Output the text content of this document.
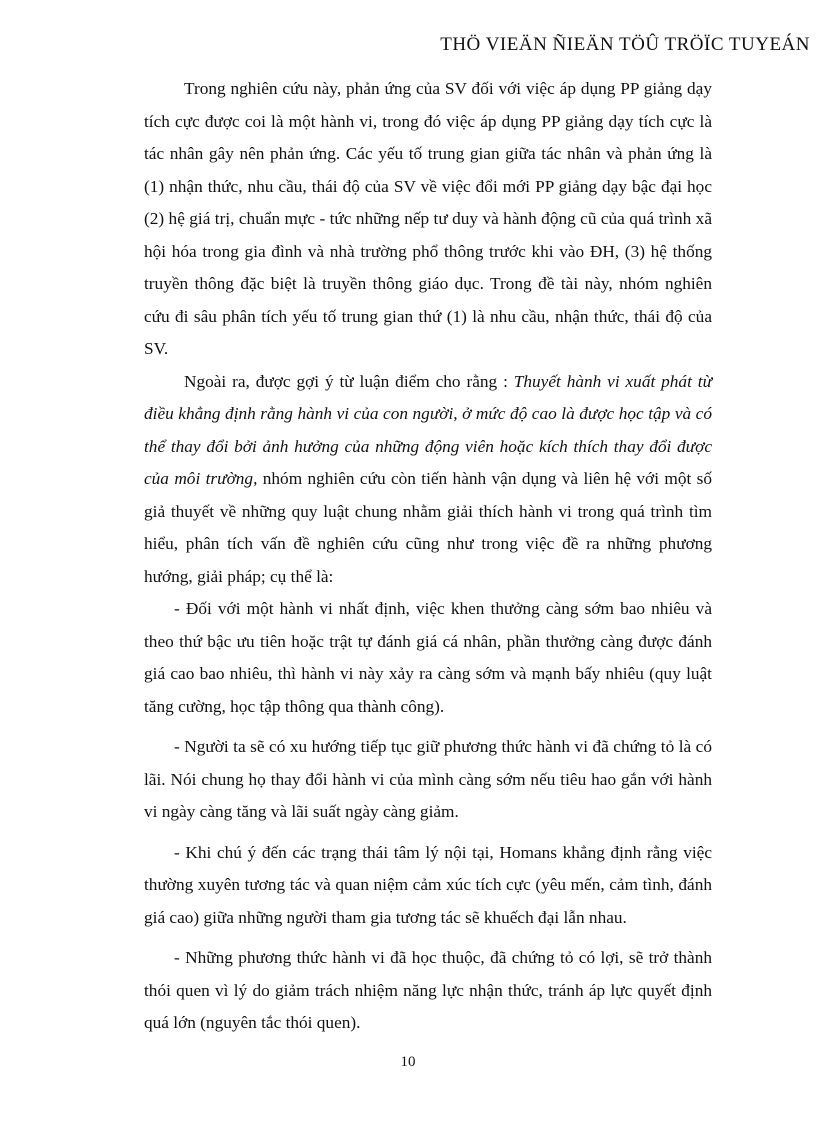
THÖ VIEÄN ÑIEÄN TÖÛ TRÖÏC TUYEÁN

Trong nghiên cứu này, phản ứng của SV đối với việc áp dụng PP giảng dạy tích cực được coi là một hành vi, trong đó việc áp dụng PP giảng dạy tích cực là tác nhân gây nên phản ứng. Các yếu tố trung gian giữa tác nhân và phản ứng là (1) nhận thức, nhu cầu, thái độ của SV về việc đổi mới PP giảng dạy bậc đại học (2) hệ giá trị, chuẩn mực - tức những nếp tư duy và hành động cũ của quá trình xã hội hóa trong gia đình và nhà trường phổ thông trước khi vào ĐH, (3) hệ thống truyền thông đặc biệt là truyền thông giáo dục. Trong đề tài này, nhóm nghiên cứu đi sâu phân tích yếu tố trung gian thứ (1) là nhu cầu, nhận thức, thái độ của SV.

Ngoài ra, được gợi ý từ luận điểm cho rằng : Thuyết hành vi xuất phát từ điều khẳng định rằng hành vi của con người, ở mức độ cao là được học tập và có thể thay đổi bởi ảnh hưởng của những động viên hoặc kích thích thay đổi được của môi trường, nhóm nghiên cứu còn tiến hành vận dụng và liên hệ với một số giả thuyết về những quy luật chung nhằm giải thích hành vi trong quá trình tìm hiểu, phân tích vấn đề nghiên cứu cũng như trong việc đề ra những phương hướng, giải pháp; cụ thể là:

- Đối với một hành vi nhất định, việc khen thưởng càng sớm bao nhiêu và theo thứ bậc ưu tiên hoặc trật tự đánh giá cá nhân, phần thưởng càng được đánh giá cao bao nhiêu, thì hành vi này xảy ra càng sớm và mạnh bấy nhiêu (quy luật tăng cường, học tập thông qua thành công).

- Người ta sẽ có xu hướng tiếp tục giữ phương thức hành vi đã chứng tỏ là có lãi. Nói chung họ thay đổi hành vi của mình càng sớm nếu tiêu hao gắn với hành vi ngày càng tăng và lãi suất ngày càng giảm.

- Khi chú ý đến các trạng thái tâm lý nội tại, Homans khẳng định rằng việc thường xuyên tương tác và quan niệm cảm xúc tích cực (yêu mến, cảm tình, đánh giá cao) giữa những người tham gia tương tác sẽ khuếch đại lẫn nhau.

- Những phương thức hành vi đã học thuộc, đã chứng tỏ có lợi, sẽ trở thành thói quen vì lý do giảm trách nhiệm năng lực nhận thức, tránh áp lực quyết định quá lớn (nguyên tắc thói quen).

10
